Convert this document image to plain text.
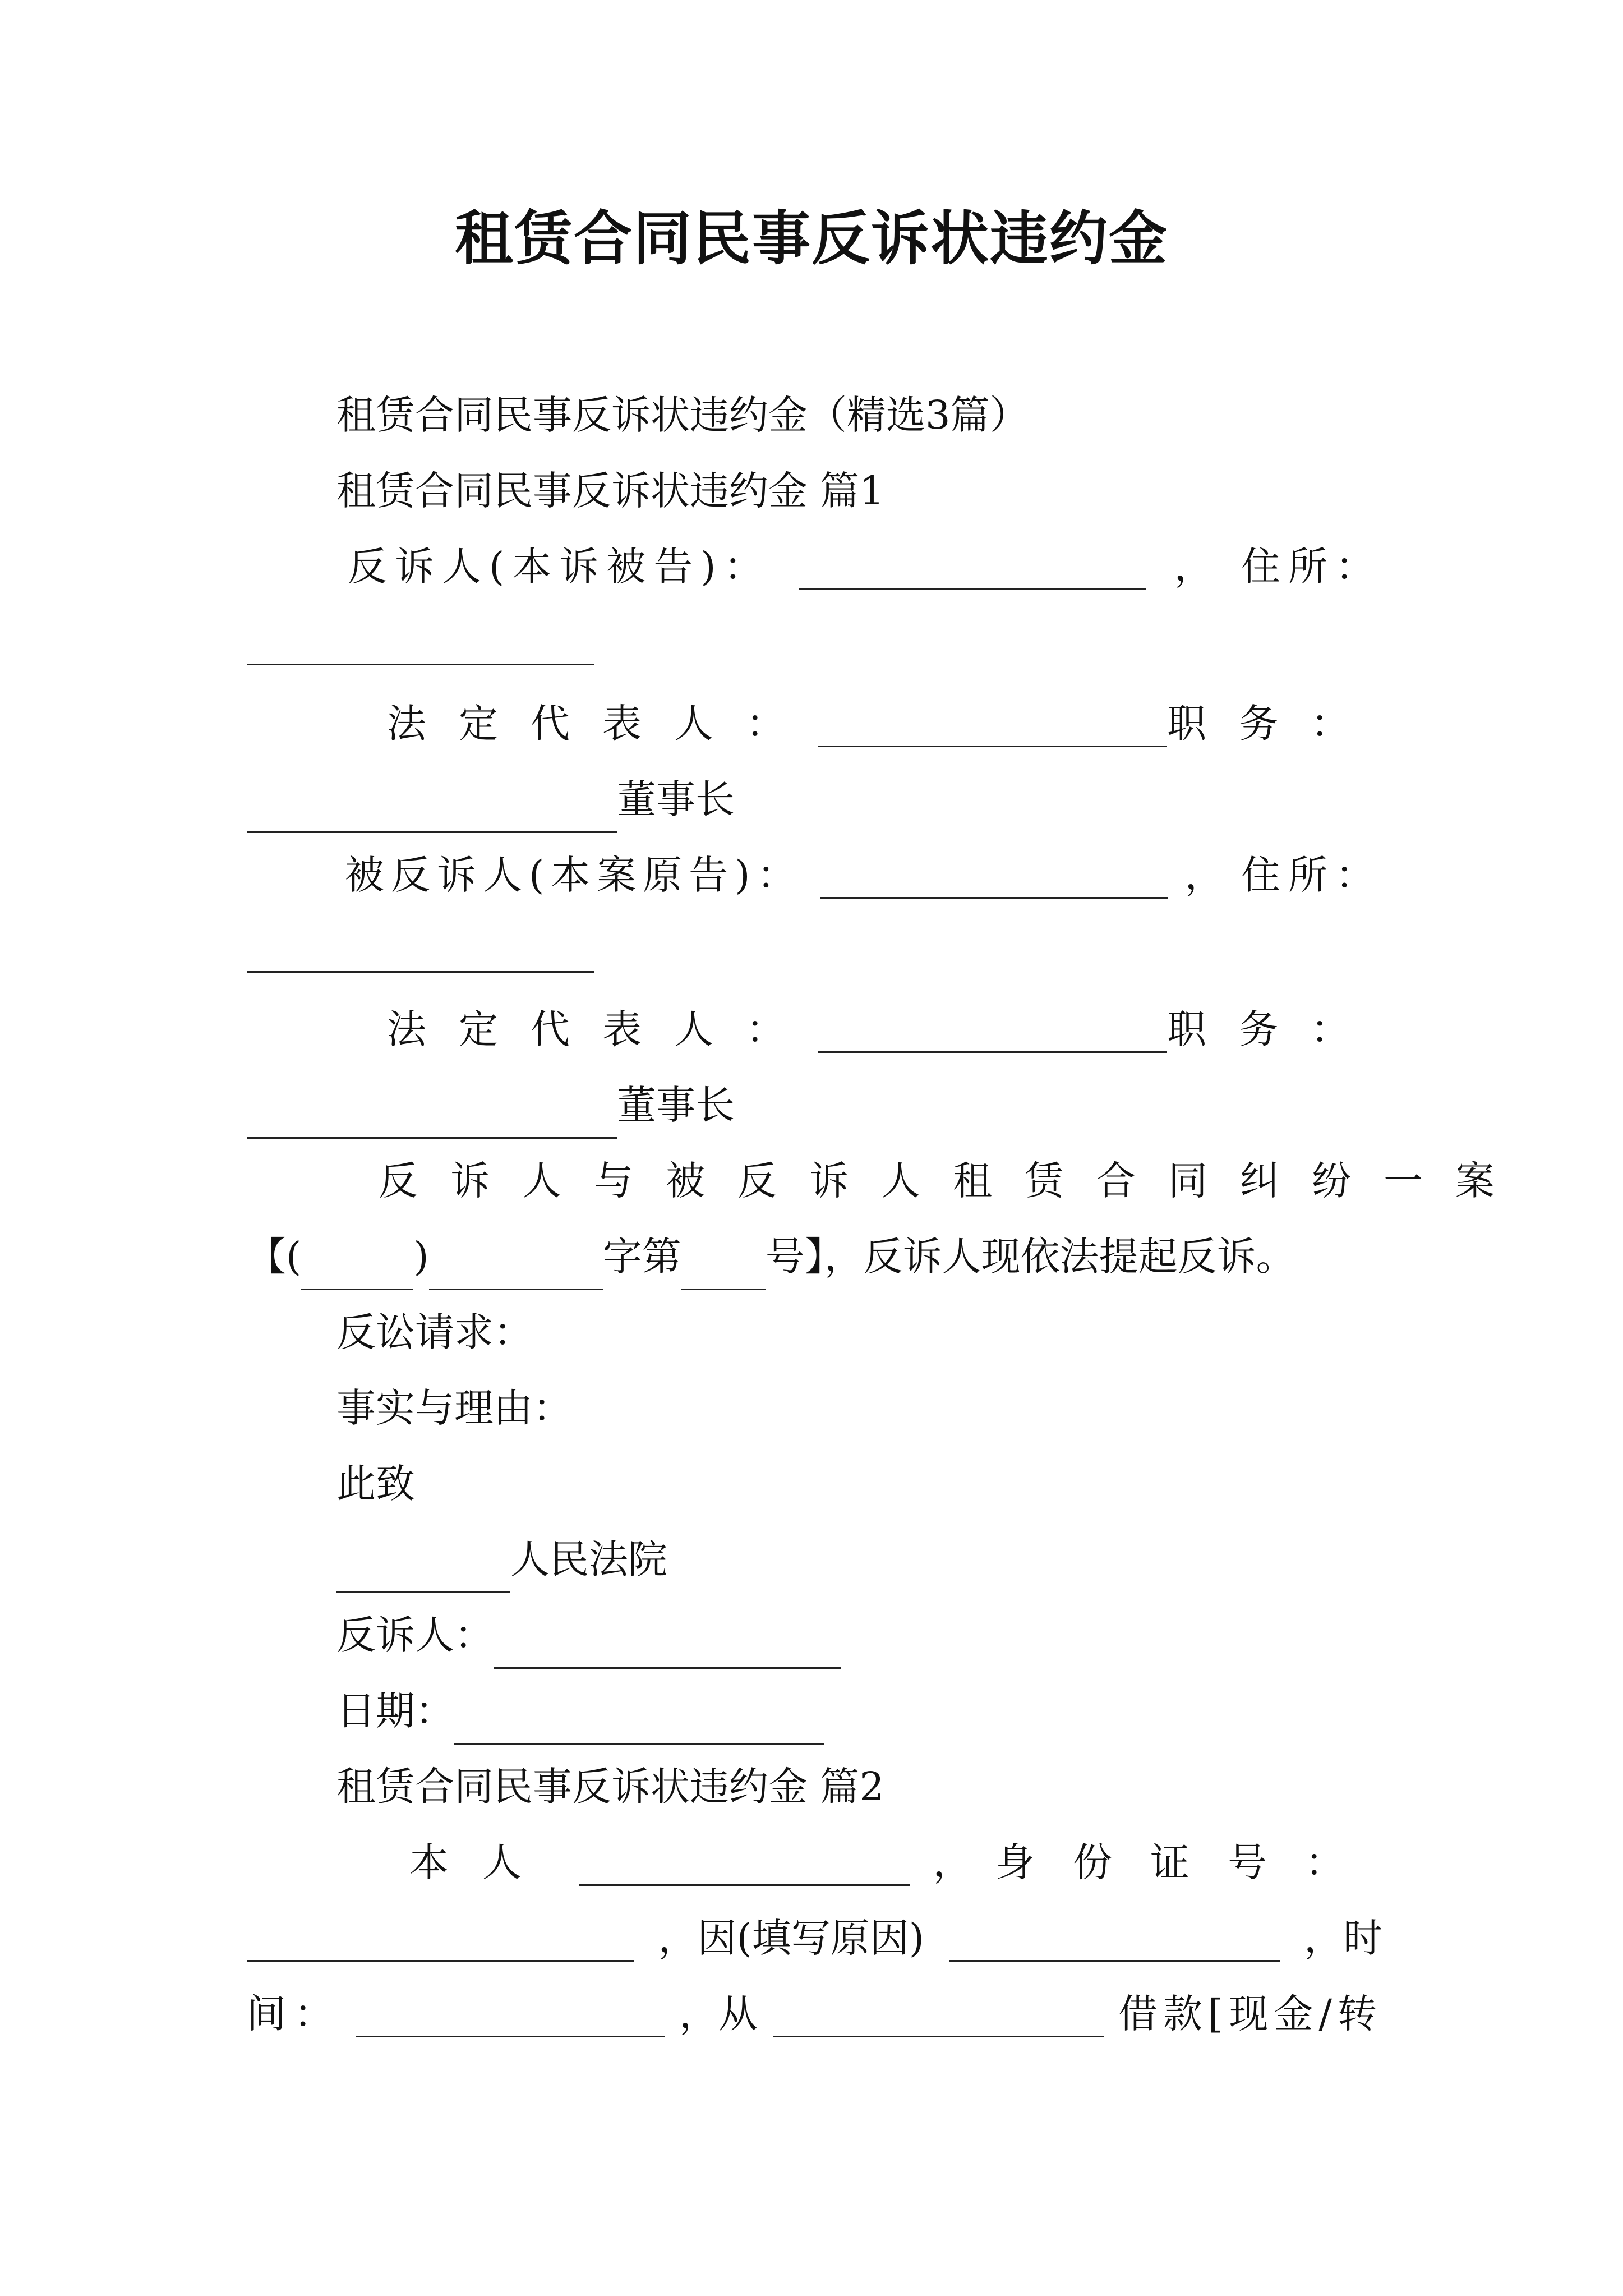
租赁合同民事反诉状违约金
租赁合同民事反诉状违约金（精选3篇）
租赁合同民事反诉状违约金 篇1
反诉人(本诉被告)：	， 住所：
法定代表人：	职务：
董事长
被反诉人(本案原告)：	， 住所：
法定代表人：	职务：
董事长
反诉人与被反诉人租赁合同纠纷一案
【(	)	字第 号】，反诉人现依法提起反诉。
反讼请求：
事实与理由：
此致
人民法院
反诉人：
日期：
租赁合同民事反诉状违约金 篇2
本人	， 身份证号：
，因(填写原因)	，时
间：	，从	借款[现金/转
